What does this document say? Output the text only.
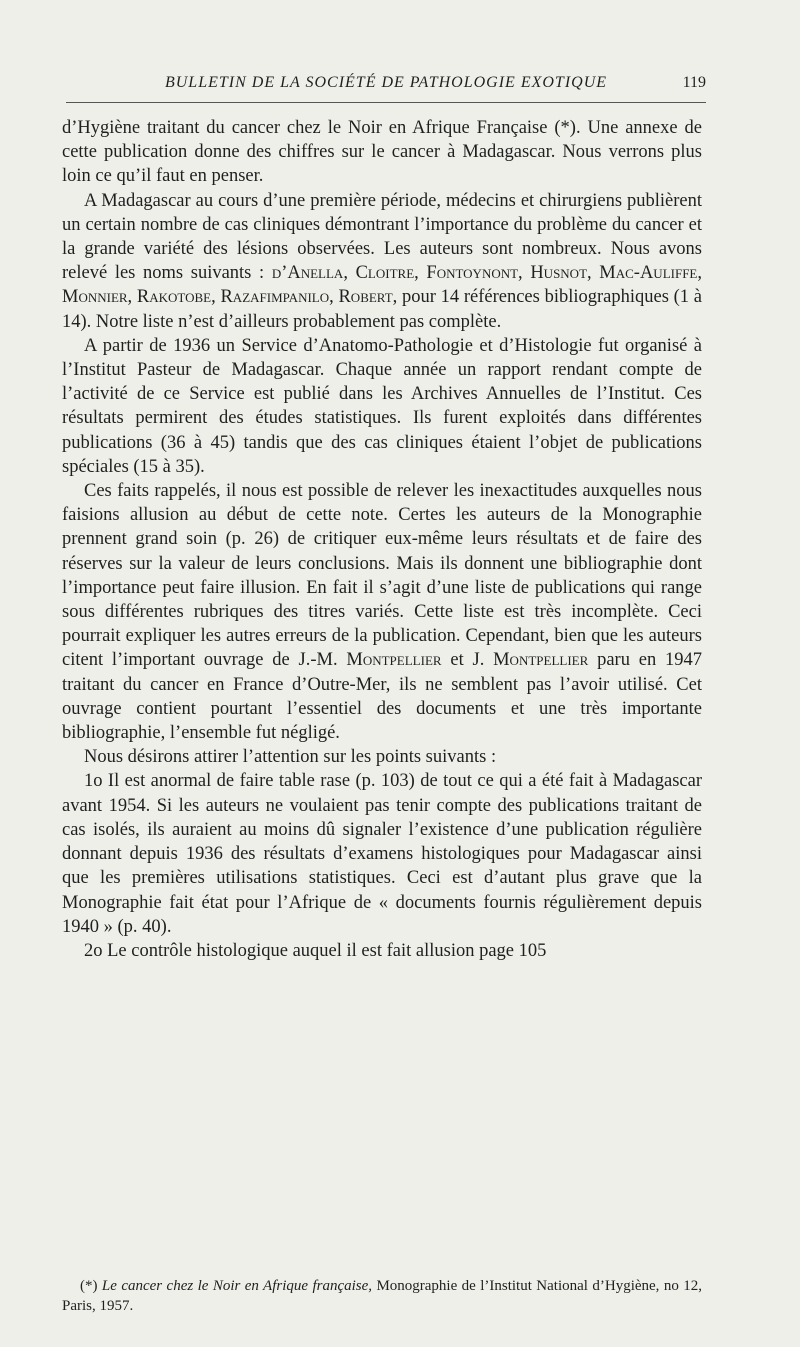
BULLETIN DE LA SOCIÉTÉ DE PATHOLOGIE EXOTIQUE	119

d’Hygiène traitant du cancer chez le Noir en Afrique Française (*). Une annexe de cette publication donne des chiffres sur le cancer à Madagascar. Nous verrons plus loin ce qu’il faut en penser.

A Madagascar au cours d’une première période, médecins et chirurgiens publièrent un certain nombre de cas cliniques démontrant l’importance du problème du cancer et la grande variété des lésions observées. Les auteurs sont nombreux. Nous avons relevé les noms suivants : d’Anella, Cloitre, Fontoynont, Husnot, Mac-Auliffe, Monnier, Rakotobe, Razafimpanilo, Robert, pour 14 références bibliographiques (1 à 14). Notre liste n’est d’ailleurs probablement pas complète.

A partir de 1936 un Service d’Anatomo-Pathologie et d’Histologie fut organisé à l’Institut Pasteur de Madagascar. Chaque année un rapport rendant compte de l’activité de ce Service est publié dans les Archives Annuelles de l’Institut. Ces résultats permirent des études statistiques. Ils furent exploités dans différentes publications (36 à 45) tandis que des cas cliniques étaient l’objet de publications spéciales (15 à 35).

Ces faits rappelés, il nous est possible de relever les inexactitudes auxquelles nous faisions allusion au début de cette note. Certes les auteurs de la Monographie prennent grand soin (p. 26) de critiquer eux-même leurs résultats et de faire des réserves sur la valeur de leurs conclusions. Mais ils donnent une bibliographie dont l’importance peut faire illusion. En fait il s’agit d’une liste de publications qui range sous différentes rubriques des titres variés. Cette liste est très incomplète. Ceci pourrait expliquer les autres erreurs de la publication. Cependant, bien que les auteurs citent l’important ouvrage de J.-M. Montpellier et J. Montpellier paru en 1947 traitant du cancer en France d’Outre-Mer, ils ne semblent pas l’avoir utilisé. Cet ouvrage contient pourtant l’essentiel des documents et une très importante bibliographie, l’ensemble fut négligé.

Nous désirons attirer l’attention sur les points suivants :

1o Il est anormal de faire table rase (p. 103) de tout ce qui a été fait à Madagascar avant 1954. Si les auteurs ne voulaient pas tenir compte des publications traitant de cas isolés, ils auraient au moins dû signaler l’existence d’une publication régulière donnant depuis 1936 des résultats d’examens histologiques pour Madagascar ainsi que les premières utilisations statistiques. Ceci est d’autant plus grave que la Monographie fait état pour l’Afrique de « documents fournis régulièrement depuis 1940 » (p. 40).

2o Le contrôle histologique auquel il est fait allusion page 105

(*) Le cancer chez le Noir en Afrique française, Monographie de l’Institut National d’Hygiène, no 12, Paris, 1957.
